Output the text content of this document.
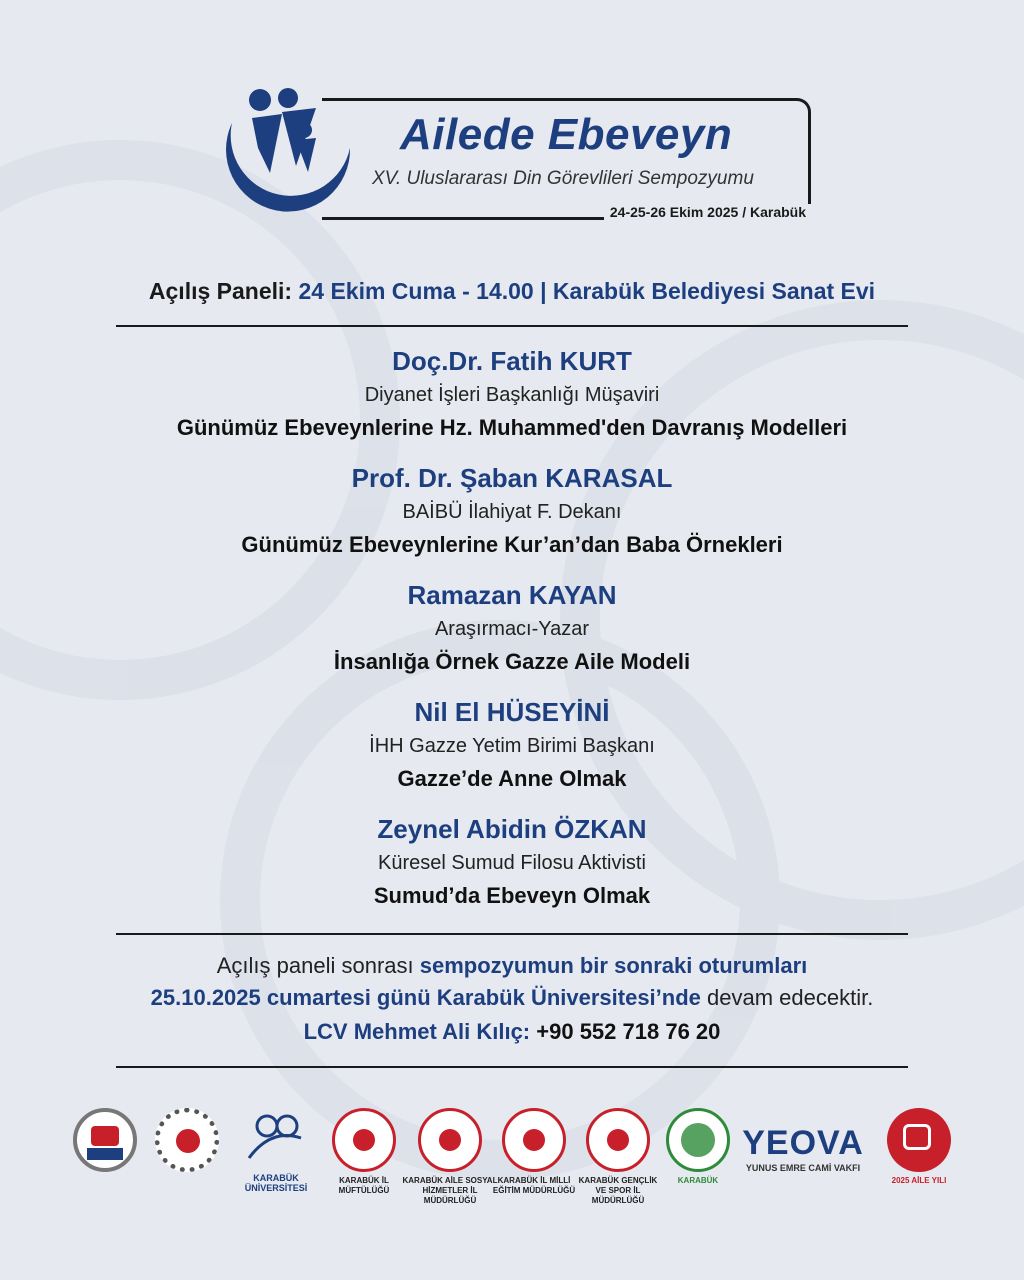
Ailede Ebeveyn
XV. Uluslararası Din Görevlileri Sempozyumu
24-25-26 Ekim 2025 / Karabük
Açılış Paneli: 24 Ekim Cuma - 14.00 | Karabük Belediyesi Sanat Evi
Doç.Dr. Fatih KURT
Diyanet İşleri Başkanlığı Müşaviri
Günümüz Ebeveynlerine Hz. Muhammed'den Davranış Modelleri
Prof. Dr. Şaban KARASAL
BAİBÜ İlahiyat F. Dekanı
Günümüz Ebeveynlerine Kur’an’dan Baba Örnekleri
Ramazan KAYAN
Araşırmacı-Yazar
İnsanlığa Örnek Gazze Aile Modeli
Nil El HÜSEYİNİ
İHH Gazze Yetim Birimi Başkanı
Gazze’de Anne Olmak
Zeynel Abidin ÖZKAN
Küresel Sumud Filosu Aktivisti
Sumud’da Ebeveyn Olmak
Açılış paneli sonrası sempozyumun bir sonraki oturumları
25.10.2025 cumartesi günü Karabük Üniversitesi’nde devam edecektir.
LCV Mehmet Ali Kılıç: +90 552 718 76 20
KARABÜK ÜNİVERSİTESİ
KARABÜK İL MÜFTÜLÜĞÜ
KARABÜK AİLE SOSYAL HİZMETLER İL MÜDÜRLÜĞÜ
KARABÜK İL MİLLİ EĞİTİM MÜDÜRLÜĞÜ
KARABÜK GENÇLİK VE SPOR İL MÜDÜRLÜĞÜ
KARABÜK
YEOVA
YUNUS EMRE CAMİ VAKFI
2025 AİLE YILI
